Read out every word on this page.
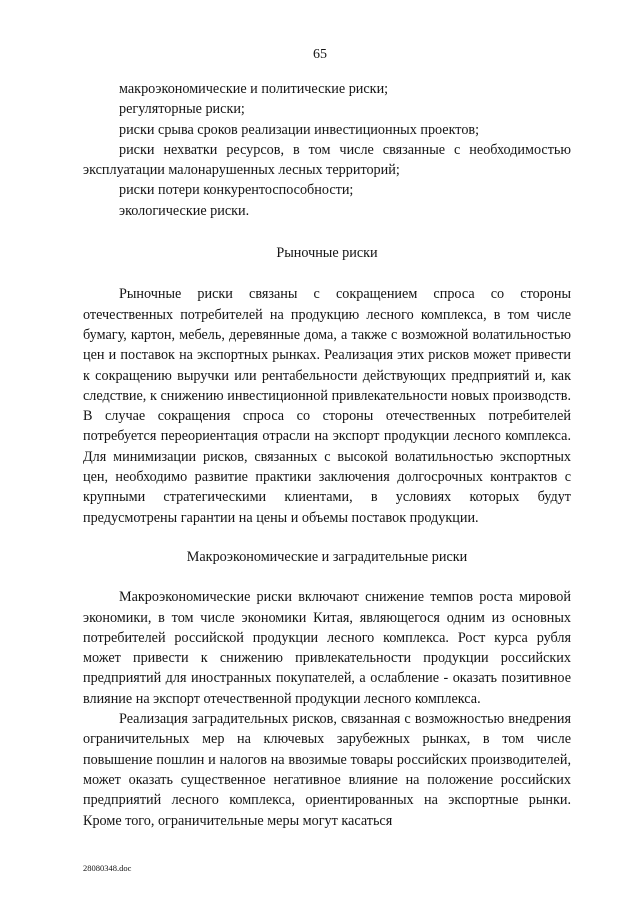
65

макроэкономические и политические риски;

регуляторные риски;

риски срыва сроков реализации инвестиционных проектов;

риски нехватки ресурсов, в том числе связанные с необходимостью эксплуатации малонарушенных лесных территорий;

риски потери конкурентоспособности;

экологические риски.

Рыночные риски

Рыночные риски связаны с сокращением спроса со стороны отечественных потребителей на продукцию лесного комплекса, в том числе бумагу, картон, мебель, деревянные дома, а также с возможной волатильностью цен и поставок на экспортных рынках. Реализация этих рисков может привести к сокращению выручки или рентабельности действующих предприятий и, как следствие, к снижению инвестиционной привлекательности новых производств. В случае сокращения спроса со стороны отечественных потребителей потребуется переориентация отрасли на экспорт продукции лесного комплекса. Для минимизации рисков, связанных с высокой волатильностью экспортных цен, необходимо развитие практики заключения долгосрочных контрактов с крупными стратегическими клиентами, в условиях которых будут предусмотрены гарантии на цены и объемы поставок продукции.

Макроэкономические и заградительные риски

Макроэкономические риски включают снижение темпов роста мировой экономики, в том числе экономики Китая, являющегося одним из основных потребителей российской продукции лесного комплекса. Рост курса рубля может привести к снижению привлекательности продукции российских предприятий для иностранных покупателей, а ослабление - оказать позитивное влияние на экспорт отечественной продукции лесного комплекса.

Реализация заградительных рисков, связанная с возможностью внедрения ограничительных мер на ключевых зарубежных рынках, в том числе повышение пошлин и налогов на ввозимые товары российских производителей, может оказать существенное негативное влияние на положение российских предприятий лесного комплекса, ориентированных на экспортные рынки. Кроме того, ограничительные меры могут касаться

28080348.doc
